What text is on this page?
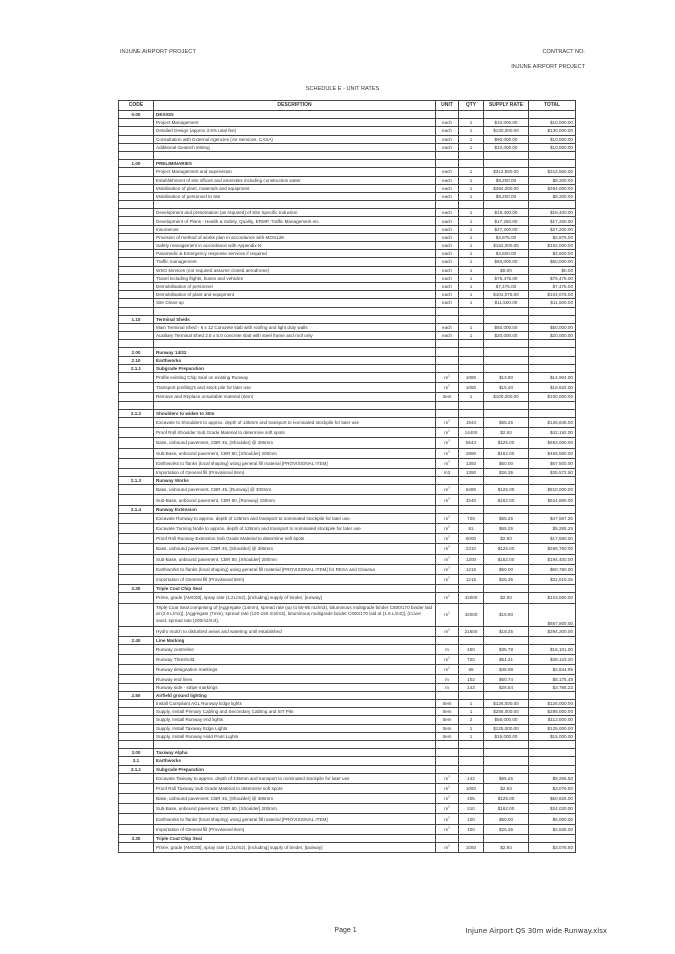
INJUNE AIRPORT PROJECT	CONTRACT NO.
INJUNE AIRPORT PROJECT
SCHEDULE E - UNIT RATES
CODE	DESCRIPTION	UNIT	QTY	SUPPLY RATE	TOTAL
0.00	DESIGN				
	Project Management	each	1	$10,000.00	$10,000.00
	Detailed Design (approx 3.5% total fee)	each	1	$130,000.00	$130,000.00
	Consultation with External Agencies (Air Services, CASA)	each	1	$90,000.00	$10,000.00
	Additional Geotech testing	each	1	$10,000.00	$10,000.00

1.00	PRELIMINARIES				
	Project Management and supervision	each	1	$312,550.00	$312,550.00
	Establishment of site offices and amenities including construction water	each	1	$9,200.00	$9,200.00
	Mobilisation of plant, materials and equipment	each	1	$394,000.00	$394,000.00
	Mobilisation of personnel to site	each	1	$9,200.00	$9,200.00

	Development and presentation (as required) of Site Specific Induction	each	1	$18,400.00	$18,400.00
	Development of Plans - Health & Safety, Quality, ERMP, Traffic Management etc.	each	1	$17,250.00	$17,250.00
	Insurances	each	1	$27,200.00	$27,200.00
	Provision of method of works plan in accordance with MOS139.	each	1	$2,875.00	$2,875.00
	Safety management in accordance with Appendix N	each	1	$152,000.00	$152,000.00
	Paramedic & Emergency response services if required	each	1	$4,600.00	$4,600.00
	Traffic management	each	1	$60,000.00	$60,000.00
	WSO services (not required assume closed aerodrome)	each	1	$0.00	$0.00
	Travel including flights, buses and vehicles	each	1	$76,475.00	$76,475.00
	Demobilisation of personnel	each	1	$7,475.00	$7,475.00
	Demobilisation of plant and equipment	each	1	$104,075.00	$104,075.00
	Site Clean-up	each	1	$11,500.00	$11,500.00

1.10	Terminal Sheds				
	Main Terminal Shed - 6 x 12 Concrete slab with roofing and light duty walls	each	1	$50,000.00	$50,000.00
	Auxiliary Terminal Shed 2.5 x 5.0 concrete slab with steel frame and roof only	each	1	$20,000.00	$20,000.00

2.00	Runway 14/32				
2.10	Earthworks				
2.1.1	Subgrade Preparation				
	Profile existing Chip Seal on existing Runway	$m^2$	1080	$13.80	$14,904.00
	Transport profiling's and stock pile for later use	$m^3$	1080	$15.40	$16,632.00
	Remove and Replace unsuitable material (Item)	Item	1	$100,000.00	$100,000.00

2.1.2	Shoulders to widen to 30m				
	Excavate to Shoulders to approx. depth of 135mm and transport to nominated stockpile for later use	$m^3$	1944	$65.25	$126,846.00
	Proof Roll Shoulder Sub Grade Material to determine soft spots	$m^2$	14400	$2.93	$42,192.00
	Base, unbound pavement, CBR 45, [Shoulder] @ 385mm	$m^3$	5544	$125.00	$693,000.00
	Sub-Base, unbound pavement, CBR 80, [Shoulder] 200mm	$m^3$	2880	$162.00	$466,560.00
	Earthworks to flanks (local shaping) using general fill material [PROVISIONAL ITEM]	$m^3$	1350	$50.00	$67,500.00
	Importation of General fill (Provisional Item)	m3	1350	$26.35	$35,572.50
2.1.3	Runway Works				
	Base, unbound pavement, CBR 45, [Runway] @ 300mm	$m^3$	6480	$125.00	$810,000.00
	Sub-Base, unbound pavement, CBR 80, [Runway] 150mm	$m^3$	3240	$162.00	$524,880.00
2.1.4	Runway Extension				
	Excavate Runway to approx. depth of 135mm and transport to nominated stockpile for later use	$m^3$	729	$65.25	$47,567.25
	Excavate Turning Node to approx. depth of 135mm and transport to nominated stockpile for later use	$m^3$	81	$65.25	$5,285.25
	Proof Roll Runway Extension Sub Grade Material to determine soft spots	$m^2$	6000	$2.93	$17,580.00
	Base, unbound pavement, CBR 45, [Shoulder] @ 385mm	$m^3$	2310	$125.00	$288,750.00
	Sub-Base, unbound pavement, CBR 80, [Shoulder] 200mm	$m^3$	1200	$162.00	$194,400.00
	Earthworks to flanks (local shaping) using general fill material [PROVISIONAL ITEM] for RESA and Clearwa	$m^3$	1215	$50.00	$60,750.00
	Importation of General fill (Provisional Item)	$m^3$	1215	$26.35	$32,015.25
2.30	Triple Coat Chip Seal				
	Prime, grade [AMC00], spray rate (1.2L/m2), [including] supply of binder, [runway]	$m^2$	42000	$2.93	$123,060.00
	Triple Coat Seal comprising of [Aggregate (14mm), spread rate (up to 80-95 m2/m3), bituminous multigrade binder C600/170 binder laid at (2.6 L/m2)], [Aggregate (7mm), spread rate (120-150 m2/m3), bituminous multigrade binder C600/170 laid at (1.6 L/m2)], [Cover sand, spread rate (200m2/m3),	$m^2$	42000	$15.90	$667,800.00
	Hydro mulch to disturbed areas and watering until established	$m^2$	21600	$18.25	$394,200.00
2.40	Line Marking				
	Runway centreline	m	450	$35.78	$16,101.00
	Runway Threshold	$m^2$	720	$54.31	$39,103.20
	Runway designation markings	$m^2$	55	$48.09	$2,644.95
	Runway end lines	m	102	$50.74	$5,175.48
	Runway side - stripe markings	m	143	$26.54	$3,795.22
2.50	Airfield ground lighting				
	Install Compliant AGL Runway Edge lights	Item	1	$126,000.00	$126,000.00
	Supply, Install Primary Cabling and Secondary Cabling and SIT Pits	Item	1	$286,000.00	$286,000.00
	Supply, Install Runway end lights	Item	2	$56,000.00	$112,000.00
	Supply, Install Taxiway Edge Lights	Item	1	$125,000.00	$125,000.00
	Supply, Install Runway Hold Point Lights	Item	1	$15,000.00	$15,000.00

3.00	Taxiway Alpha				
3.1	Earthworks				
3.1.1	Subgrade Preparation				
	Excavate Taxiway to approx. depth of 135mm and transport to nominated stockpile for later use	$m^3$	142	$65.25	$9,265.50
	Proof Roll Taxiway Sub Grade Material to determine soft spots	$m^2$	1050	$2.93	$3,076.50
	Base, unbound pavement, CBR 45, [Shoulder] @ 385mm	$m^3$	405	$125.00	$50,625.00
	Sub-Base, unbound pavement, CBR 80, [Shoulder] 200mm	$m^3$	210	$162.00	$34,020.00
	Earthworks to flanks (local shaping) using general fill material [PROVISIONAL ITEM]	$m^3$	100	$50.00	$5,000.00
	Importation of General fill (Provisional Item)	$m^3$	100	$26.35	$2,635.00
3.30	Triple Coat Chip Seal				
	Prime, grade [AMC00], spray rate (1.2L/m2), [including] supply of binder, [taxiway]	$m^2$	1050	$2.93	$3,076.50
Page 1	Injune Airport QS 30m wide Runway.xlsx
